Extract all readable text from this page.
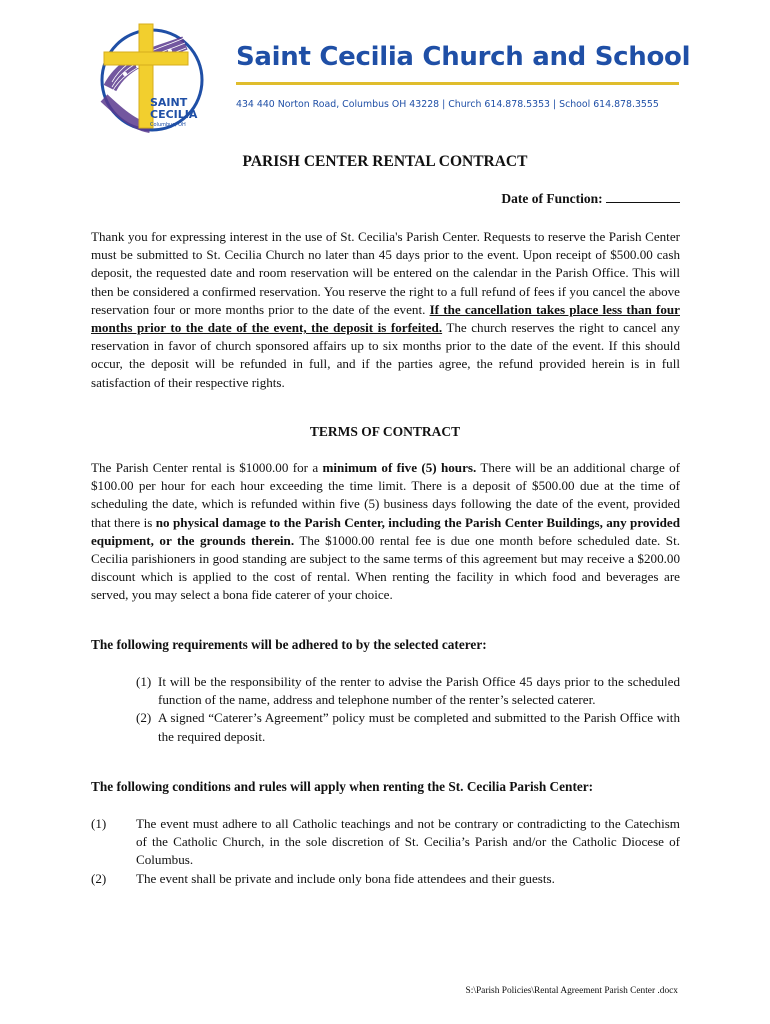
SAINT
CECILIA
Columbus, OH
Saint Cecilia Church and School
434 440 Norton Road, Columbus OH 43228 | Church 614.878.5353 | School 614.878.3555
PARISH CENTER RENTAL CONTRACT
Date of Function:

Thank you for expressing interest in the use of St. Cecilia's Parish Center. Requests to reserve the Parish Center must be submitted to St. Cecilia Church no later than 45 days prior to the event. Upon receipt of $500.00 cash deposit, the requested date and room reservation will be entered on the calendar in the Parish Office. This will then be considered a confirmed reservation. You reserve the right to a full refund of fees if you cancel the above reservation four or more months prior to the date of the event. If the cancellation takes place less than four months prior to the date of the event, the deposit is forfeited. The church reserves the right to cancel any reservation in favor of church sponsored affairs up to six months prior to the date of the event. If this should occur, the deposit will be refunded in full, and if the parties agree, the refund provided herein is in full satisfaction of their respective rights.

TERMS OF CONTRACT

The Parish Center rental is $1000.00 for a minimum of five (5) hours. There will be an additional charge of $100.00 per hour for each hour exceeding the time limit. There is a deposit of $500.00 due at the time of scheduling the date, which is refunded within five (5) business days following the date of the event, provided that there is no physical damage to the Parish Center, including the Parish Center Buildings, any provided equipment, or the grounds therein. The $1000.00 rental fee is due one month before scheduled date. St. Cecilia parishioners in good standing are subject to the same terms of this agreement but may receive a $200.00 discount which is applied to the cost of rental. When renting the facility in which food and beverages are served, you may select a bona fide caterer of your choice.

The following requirements will be adhered to by the selected caterer:
(1) It will be the responsibility of the renter to advise the Parish Office 45 days prior to the scheduled function of the name, address and telephone number of the renter’s selected caterer.
(2) A signed “Caterer’s Agreement” policy must be completed and submitted to the Parish Office with the required deposit.
The following conditions and rules will apply when renting the St. Cecilia Parish Center:
(1) The event must adhere to all Catholic teachings and not be contrary or contradicting to the Catechism of the Catholic Church, in the sole discretion of St. Cecilia’s Parish and/or the Catholic Diocese of Columbus.
(2) The event shall be private and include only bona fide attendees and their guests.
S:\Parish Policies\Rental Agreement Parish Center .docx
